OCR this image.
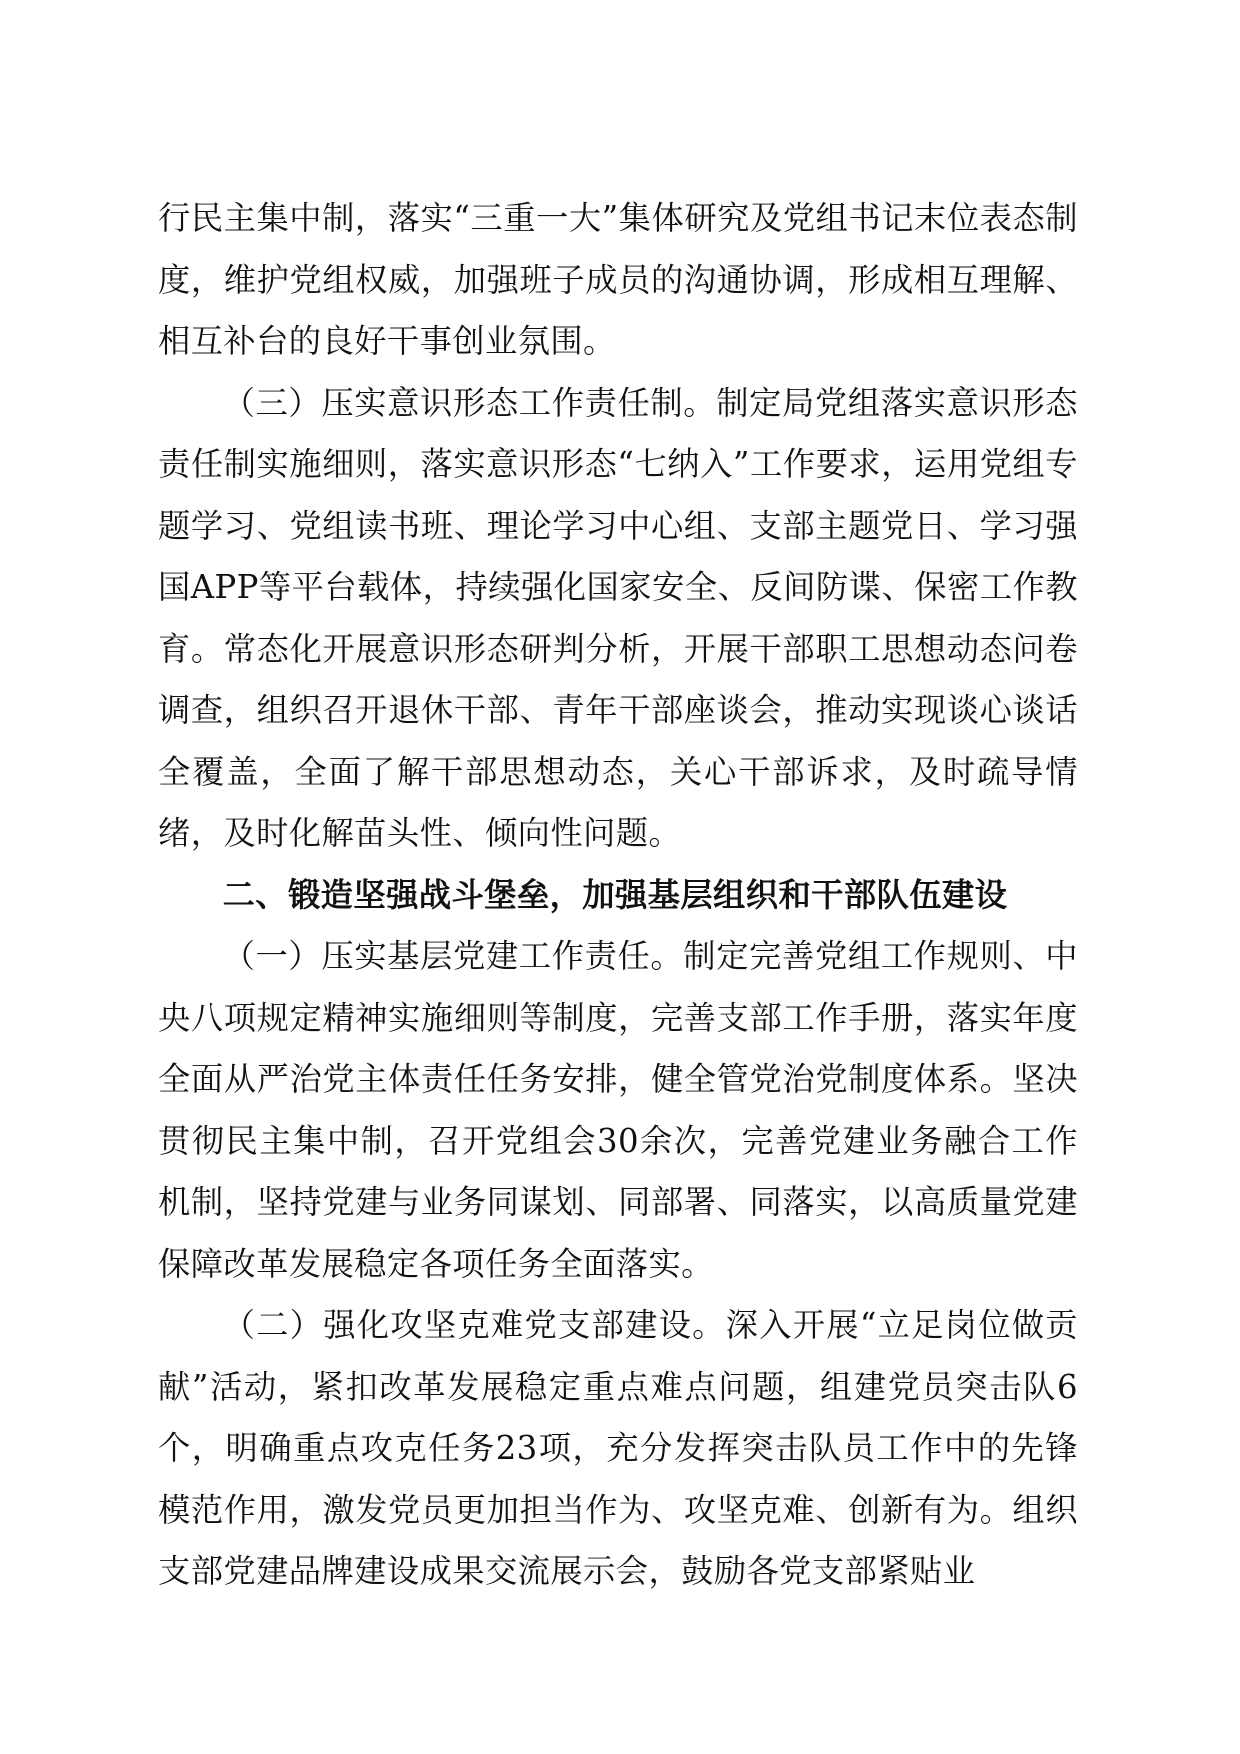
行民主集中制，落实“三重一大”集体研究及党组书记末位表态制度，维护党组权威，加强班子成员的沟通协调，形成相互理解、相互补台的良好干事创业氛围。

（三）压实意识形态工作责任制。制定局党组落实意识形态责任制实施细则，落实意识形态“七纳入”工作要求，运用党组专题学习、党组读书班、理论学习中心组、支部主题党日、学习强国APP等平台载体，持续强化国家安全、反间防谍、保密工作教育。常态化开展意识形态研判分析，开展干部职工思想动态问卷调查，组织召开退休干部、青年干部座谈会，推动实现谈心谈话全覆盖，全面了解干部思想动态，关心干部诉求，及时疏导情绪，及时化解苗头性、倾向性问题。

二、锻造坚强战斗堡垒，加强基层组织和干部队伍建设

（一）压实基层党建工作责任。制定完善党组工作规则、中央八项规定精神实施细则等制度，完善支部工作手册，落实年度全面从严治党主体责任任务安排，健全管党治党制度体系。坚决贯彻民主集中制，召开党组会30余次，完善党建业务融合工作机制，坚持党建与业务同谋划、同部署、同落实，以高质量党建保障改革发展稳定各项任务全面落实。

（二）强化攻坚克难党支部建设。深入开展“立足岗位做贡献”活动，紧扣改革发展稳定重点难点问题，组建党员突击队6个，明确重点攻克任务23项，充分发挥突击队员工作中的先锋模范作用，激发党员更加担当作为、攻坚克难、创新有为。组织支部党建品牌建设成果交流展示会，鼓励各党支部紧贴业
